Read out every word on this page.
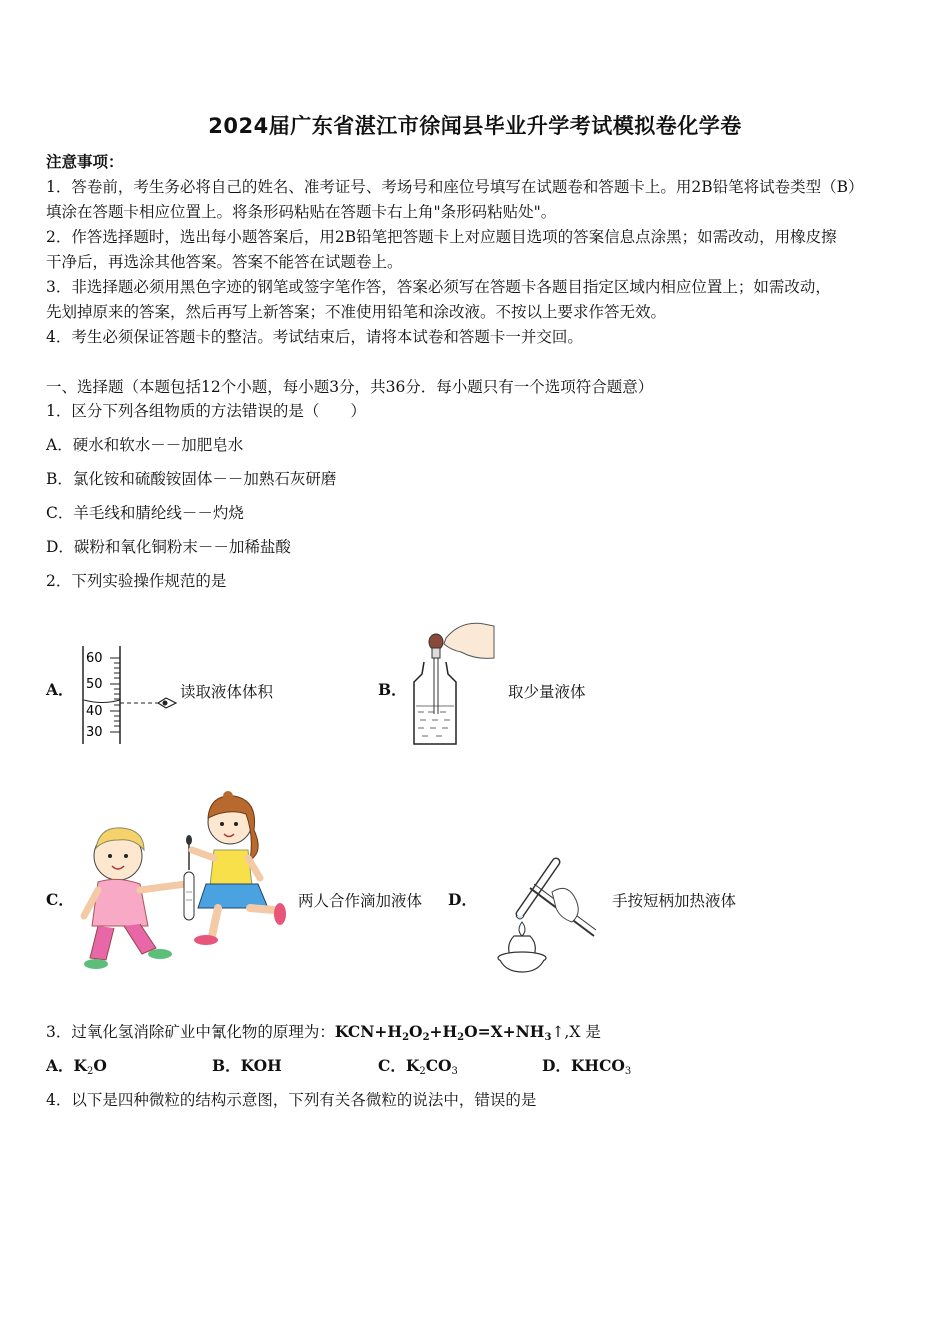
2024届广东省湛江市徐闻县毕业升学考试模拟卷化学卷
注意事项：
1．答卷前，考生务必将自己的姓名、准考证号、考场号和座位号填写在试题卷和答题卡上。用2B铅笔将试卷类型（B）
填涂在答题卡相应位置上。将条形码粘贴在答题卡右上角"条形码粘贴处"。
2．作答选择题时，选出每小题答案后，用2B铅笔把答题卡上对应题目选项的答案信息点涂黑；如需改动，用橡皮擦
干净后，再选涂其他答案。答案不能答在试题卷上。
3．非选择题必须用黑色字迹的钢笔或签字笔作答，答案必须写在答题卡各题目指定区域内相应位置上；如需改动，
先划掉原来的答案，然后再写上新答案；不准使用铅笔和涂改液。不按以上要求作答无效。
4．考生必须保证答题卡的整洁。考试结束后，请将本试卷和答题卡一并交回。
一、选择题（本题包括12个小题，每小题3分，共36分．每小题只有一个选项符合题意）
1．区分下列各组物质的方法错误的是（　　）
A．硬水和软水－－加肥皂水
B．氯化铵和硫酸铵固体－－加熟石灰研磨
C．羊毛线和腈纶线－－灼烧
D．碳粉和氧化铜粉末－－加稀盐酸
2．下列实验操作规范的是
A．
60
50
40
30
读取液体体积	B．	取少量液体
C．	两人合作滴加液体 D．	手按短柄加热液体
3．过氧化氢消除矿业中氰化物的原理为：$KCN+H_2O_2+H_2O=X+NH_3↑,X$ 是
A．$K_2O$	B．KOH	C．$K_2CO_3$	D．$KHCO_3$
4．以下是四种微粒的结构示意图，下列有关各微粒的说法中，错误的是
